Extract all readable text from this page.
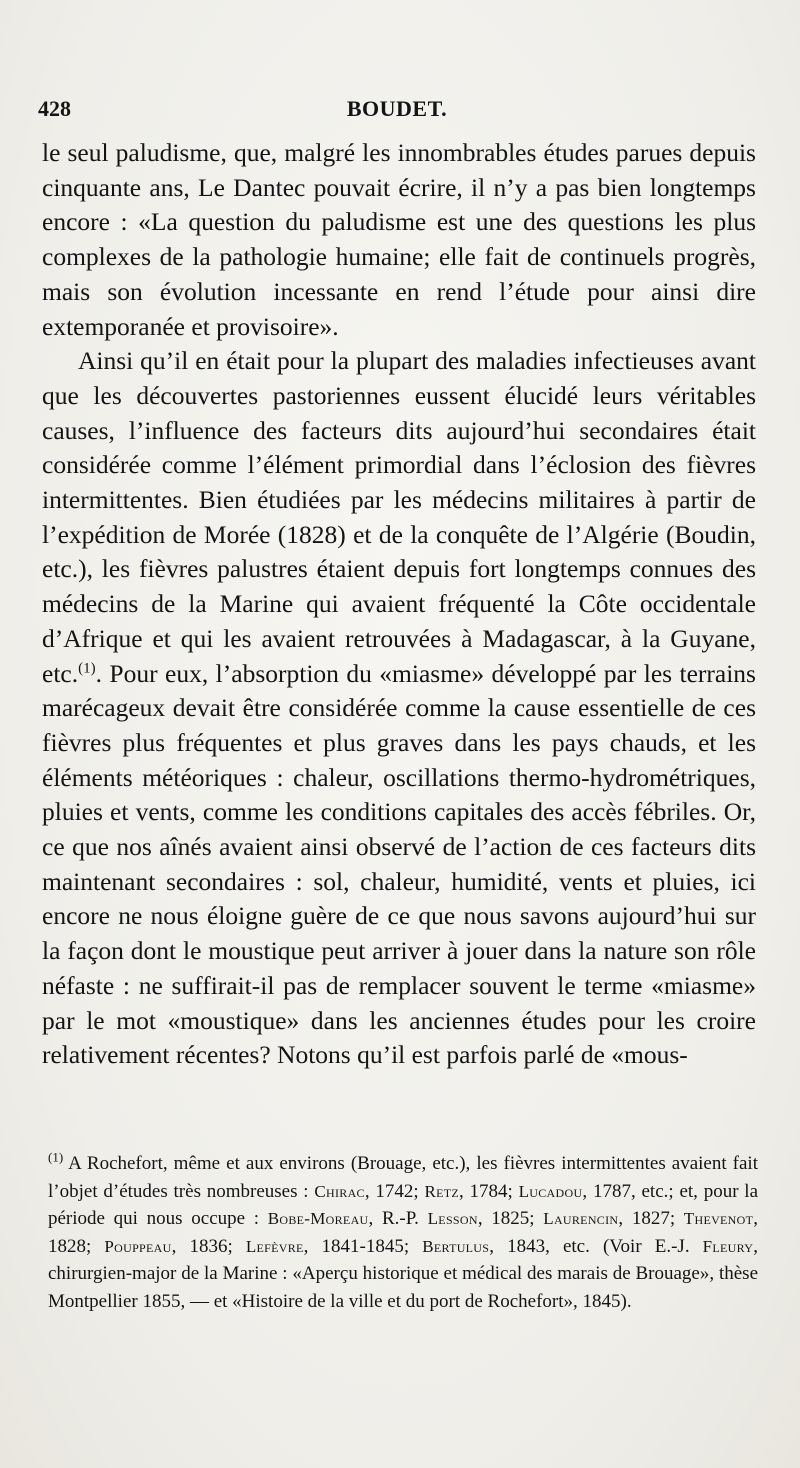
428	BOUDET.

le seul paludisme, que, malgré les innombrables études parues depuis cinquante ans, Le Dantec pouvait écrire, il n’y a pas bien longtemps encore : «La question du paludisme est une des questions les plus complexes de la pathologie humaine; elle fait de continuels progrès, mais son évolution incessante en rend l’étude pour ainsi dire extemporanée et provisoire».

Ainsi qu’il en était pour la plupart des maladies infectieuses avant que les découvertes pastoriennes eussent élucidé leurs véritables causes, l’influence des facteurs dits aujourd’hui secondaires était considérée comme l’élément primordial dans l’éclosion des fièvres intermittentes. Bien étudiées par les médecins militaires à partir de l’expédition de Morée (1828) et de la conquête de l’Algérie (Boudin, etc.), les fièvres palustres étaient depuis fort longtemps connues des médecins de la Marine qui avaient fréquenté la Côte occidentale d’Afrique et qui les avaient retrouvées à Madagascar, à la Guyane, etc.$^{(1)}$. Pour eux, l’absorption du «miasme» développé par les terrains marécageux devait être considérée comme la cause essentielle de ces fièvres plus fréquentes et plus graves dans les pays chauds, et les éléments météoriques : chaleur, oscillations thermo-hydrométriques, pluies et vents, comme les conditions capitales des accès fébriles. Or, ce que nos aînés avaient ainsi observé de l’action de ces facteurs dits maintenant secondaires : sol, chaleur, humidité, vents et pluies, ici encore ne nous éloigne guère de ce que nous savons aujourd’hui sur la façon dont le moustique peut arriver à jouer dans la nature son rôle néfaste : ne suffirait-il pas de remplacer souvent le terme «miasme» par le mot «moustique» dans les anciennes études pour les croire relativement récentes? Notons qu’il est parfois parlé de «mous-

$^{(1)}$ A Rochefort, même et aux environs (Brouage, etc.), les fièvres intermittentes avaient fait l’objet d’études très nombreuses : Chirac, 1742; Retz, 1784; Lucadou, 1787, etc.; et, pour la période qui nous occupe : Bobe-Moreau, R.-P. Lesson, 1825; Laurencin, 1827; Thevenot, 1828; Pouppeau, 1836; Lefèvre, 1841-1845; Bertulus, 1843, etc. (Voir E.-J. Fleury, chirurgien-major de la Marine : «Aperçu historique et médical des marais de Brouage», thèse Montpellier 1855, — et «Histoire de la ville et du port de Rochefort», 1845).
